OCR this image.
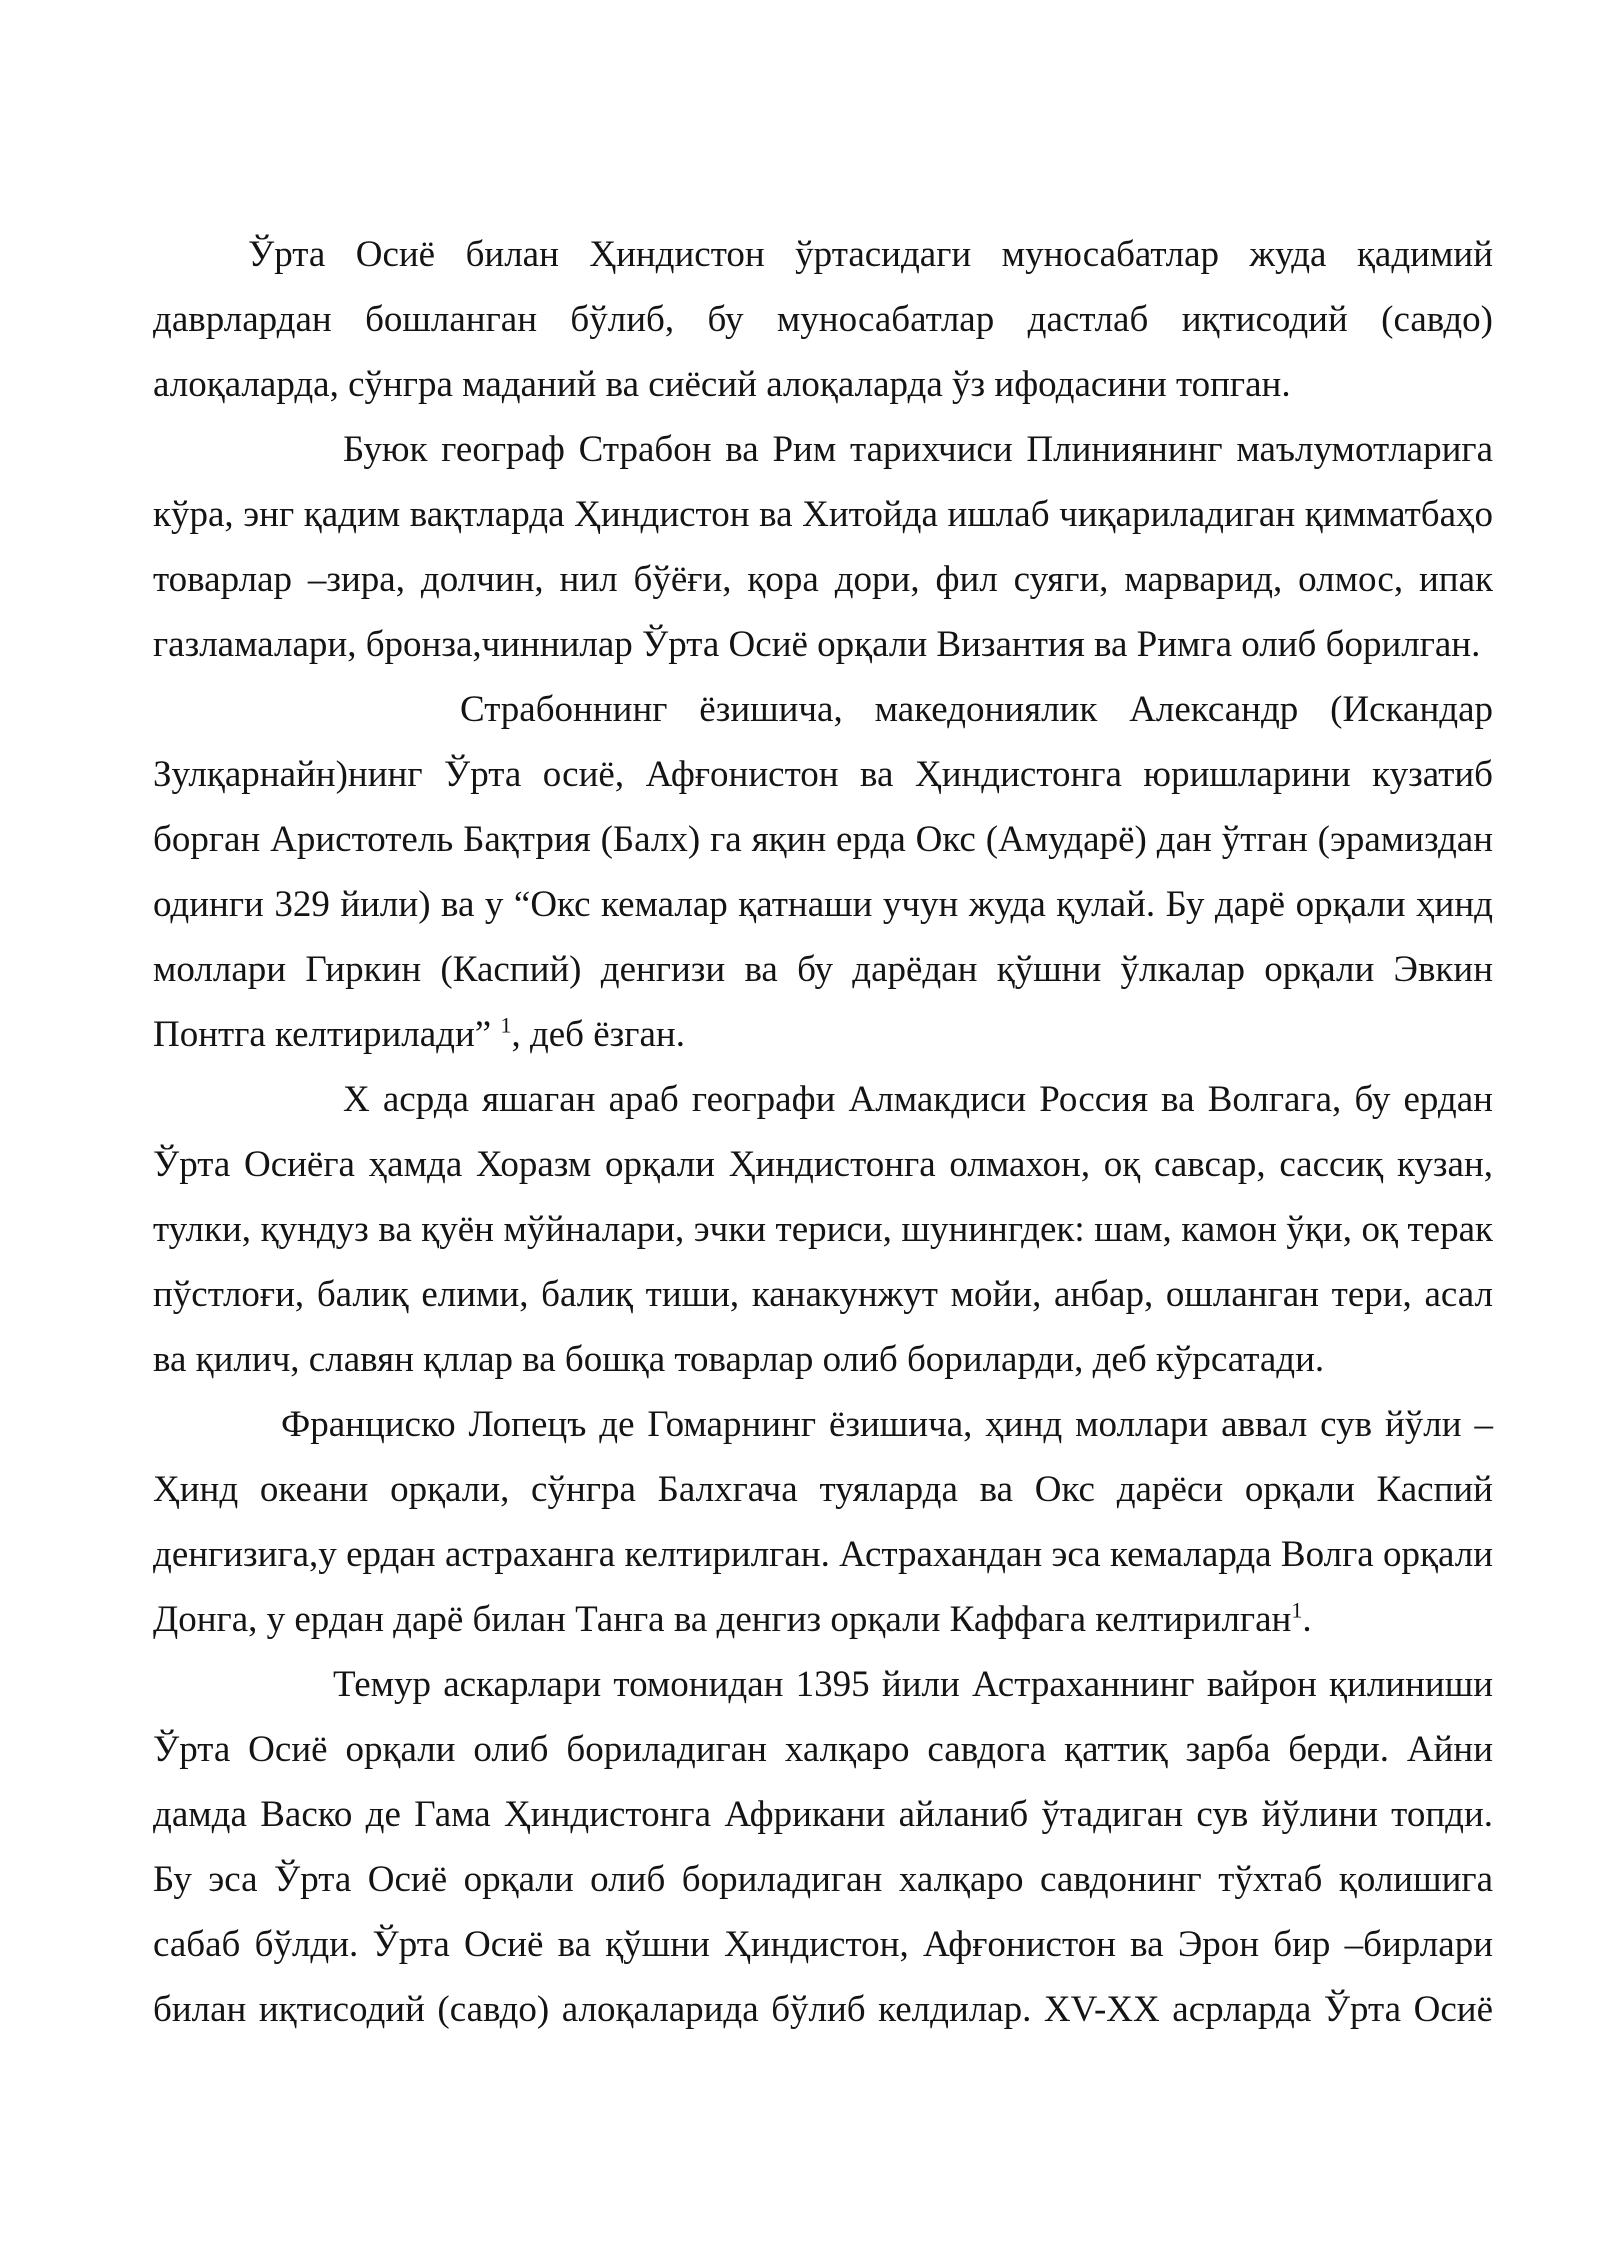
Ўрта Осиё билан Ҳиндистон ўртасидаги муносабатлар жуда қадимий даврлардан бошланган бўлиб, бу муносабатлар дастлаб иқтисодий (савдо) алоқаларда, сўнгра маданий ва сиёсий алоқаларда ўз ифодасини топган.

Буюк географ Страбон ва Рим тарихчиси Плиниянинг маълумотларига кўра, энг қадим вақтларда Ҳиндистон ва Хитойда ишлаб чиқариладиган қимматбаҳо товарлар –зира, долчин, нил бўёғи, қора дори, фил суяги, марварид, олмос, ипак газламалари, бронза,чиннилар Ўрта Осиё орқали Византия ва Римга олиб борилган.

Страбоннинг ёзишича, македониялик Александр (Искандар Зулқарнайн)нинг Ўрта осиё, Афғонистон ва Ҳиндистонга юришларини кузатиб борган Аристотель Бақтрия (Балх) га яқин ерда Окс (Амударё) дан ўтган (эрамиздан одинги 329 йили) ва у “Окс кемалар қатнаши учун жуда қулай. Бу дарё орқали ҳинд моллари Гиркин (Каспий) денгизи ва бу дарёдан қўшни ўлкалар орқали Эвкин Понтга келтирилади” $^1$, деб ёзган.

X асрда яшаган араб географи Алмакдиси Россия ва Волгага, бу ердан Ўрта Осиёга ҳамда Хоразм орқали Ҳиндистонга олмахон, оқ савсар, сассиқ кузан, тулки, қундуз ва қуён мўйналари, эчки териси, шунингдек: шам, камон ўқи, оқ терак пўстлоғи, балиқ елими, балиқ тиши, канакунжут мойи, анбар, ошланган тери, асал ва қилич, славян қллар ва бошқа товарлар олиб бориларди, деб кўрсатади.

Франциско Лопецъ де Гомарнинг ёзишича, ҳинд моллари аввал сув йўли – Ҳинд океани орқали, сўнгра Балхгача туяларда ва Окс дарёси орқали Каспий денгизига,у ердан астраханга келтирилган. Астрахандан эса кемаларда Волга орқали Донга, у ердан дарё билан Танга ва денгиз орқали Каффага келтирилган$^1$.

Темур аскарлари томонидан 1395 йили Астраханнинг вайрон қилиниши Ўрта Осиё орқали олиб бориладиган халқаро савдога қаттиқ зарба берди. Айни дамда Васко де Гама Ҳиндистонга Африкани айланиб ўтадиган сув йўлини топди. Бу эса Ўрта Осиё орқали олиб бориладиган халқаро савдонинг тўхтаб қолишига сабаб бўлди. Ўрта Осиё ва қўшни Ҳиндистон, Афғонистон ва Эрон бир –бирлари билан иқтисодий (савдо) алоқаларида бўлиб келдилар. XV-XX асрларда Ўрта Осиё
